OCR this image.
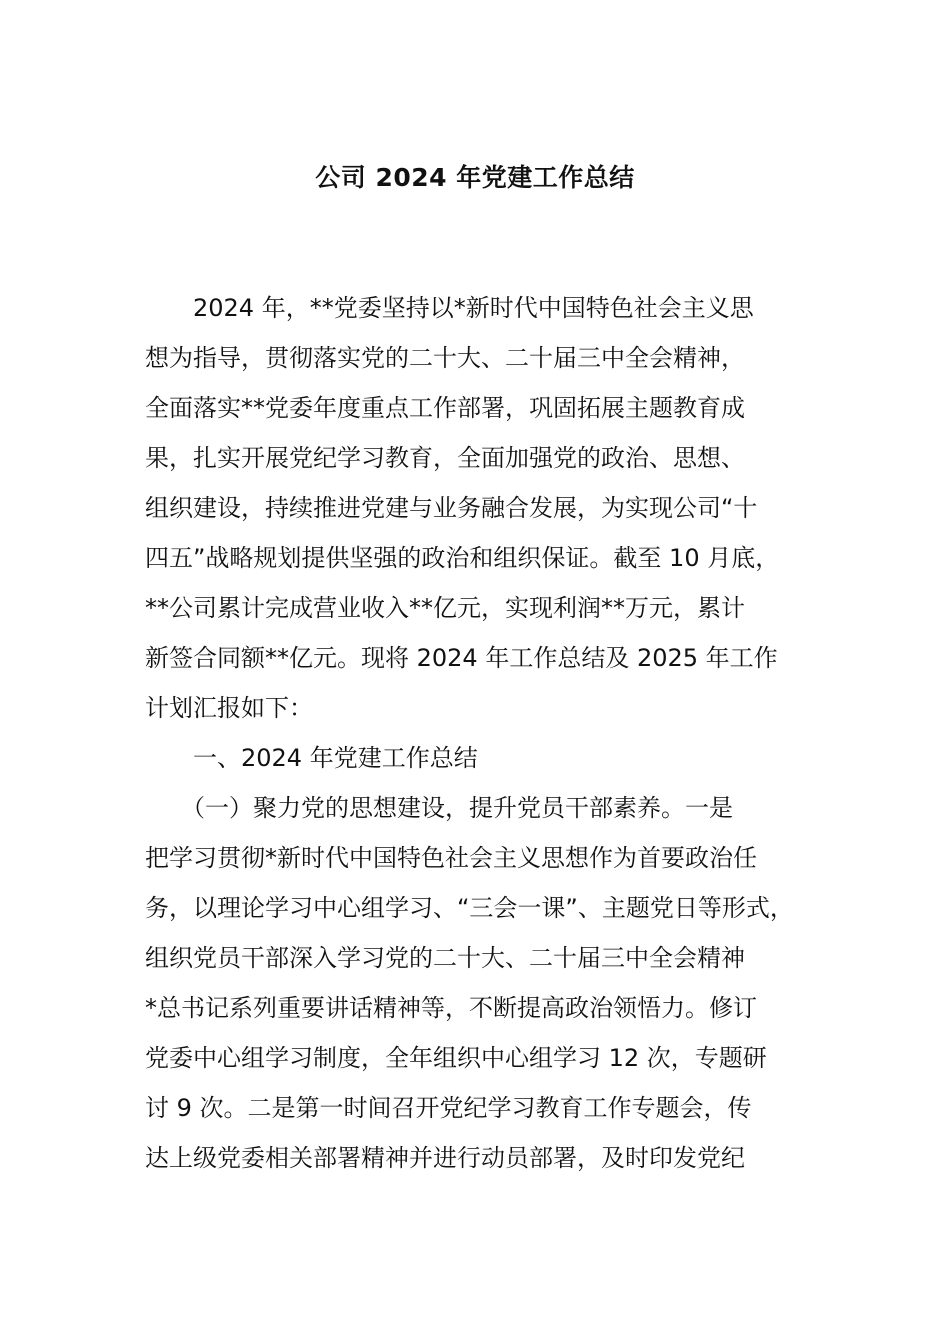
公司 2024 年党建工作总结
　　2024 年，**党委坚持以*新时代中国特色社会主义思
想为指导，贯彻落实党的二十大、二十届三中全会精神，
全面落实**党委年度重点工作部署，巩固拓展主题教育成
果，扎实开展党纪学习教育，全面加强党的政治、思想、
组织建设，持续推进党建与业务融合发展，为实现公司“十
四五”战略规划提供坚强的政治和组织保证。截至 10 月底，
**公司累计完成营业收入**亿元，实现利润**万元，累计
新签合同额**亿元。现将 2024 年工作总结及 2025 年工作
计划汇报如下：
　　一、2024 年党建工作总结
　　（一）聚力党的思想建设，提升党员干部素养。一是
把学习贯彻*新时代中国特色社会主义思想作为首要政治任
务，以理论学习中心组学习、“三会一课”、主题党日等形式，
组织党员干部深入学习党的二十大、二十届三中全会精神
*总书记系列重要讲话精神等，不断提高政治领悟力。修订
党委中心组学习制度，全年组织中心组学习 12 次，专题研
讨 9 次。二是第一时间召开党纪学习教育工作专题会，传
达上级党委相关部署精神并进行动员部署，及时印发党纪
